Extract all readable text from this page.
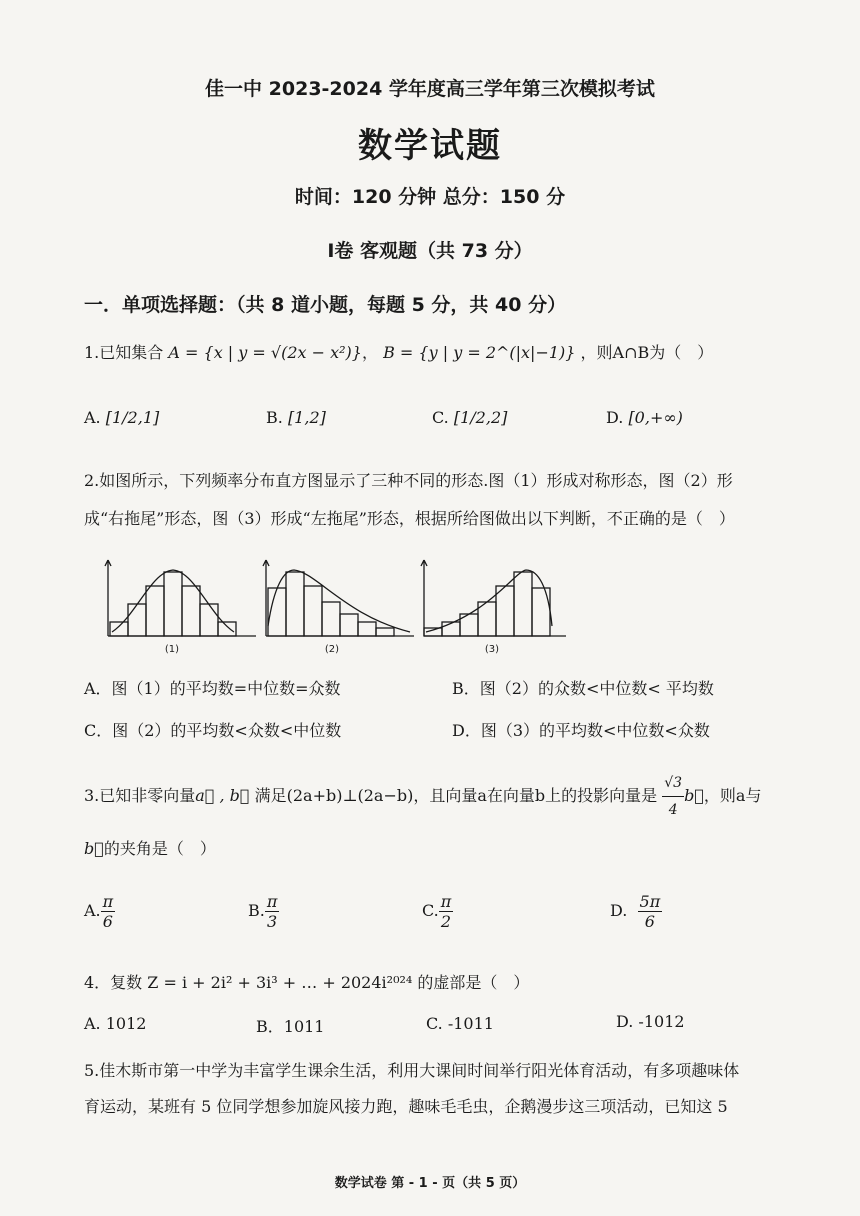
佳一中 2023-2024 学年度高三学年第三次模拟考试
数学试题
时间：120 分钟 总分：150 分
Ⅰ卷 客观题（共 73 分）
一．单项选择题：（共 8 道小题，每题 5 分，共 40 分）
1.已知集合 A = {x | y = √(2x − x²)}， B = {y | y = 2^(|x|−1)} ，则A∩B为（　）
A. [1/2,1]	B. [1,2]	C. [1/2,2]	D. [0,+∞)
2.如图所示，下列频率分布直方图显示了三种不同的形态.图（1）形成对称形态，图（2）形
成“右拖尾”形态，图（3）形成“左拖尾”形态，根据所给图做出以下判断，不正确的是（　）
(1)	(2)	(3)
A．图（1）的平均数=中位数=众数	B．图（2）的众数<中位数< 平均数
C．图（2）的平均数<众数<中位数	D．图（3）的平均数<中位数<众数
3.已知非零向量a⃗ , b⃗ 满足(2a+b)⊥(2a−b)，且向量a在向量b上的投影向量是 $\frac{√3}{4}$ b⃗，则a与
b⃗的夹角是（　）
A. $\frac{\pi}{6}$	B. $\frac{\pi}{3}$	C. $\frac{\pi}{2}$	D. $\frac{5\pi}{6}$
4．复数 Z = i + 2i² + 3i³ + … + 2024i²⁰²⁴ 的虚部是（　）
A. 1012	B．1011	C. -1011	D. -1012
5.佳木斯市第一中学为丰富学生课余生活，利用大课间时间举行阳光体育活动，有多项趣味体
育运动，某班有 5 位同学想参加旋风接力跑，趣味毛毛虫，企鹅漫步这三项活动，已知这 5
数学试卷 第 - 1 - 页（共 5 页）
